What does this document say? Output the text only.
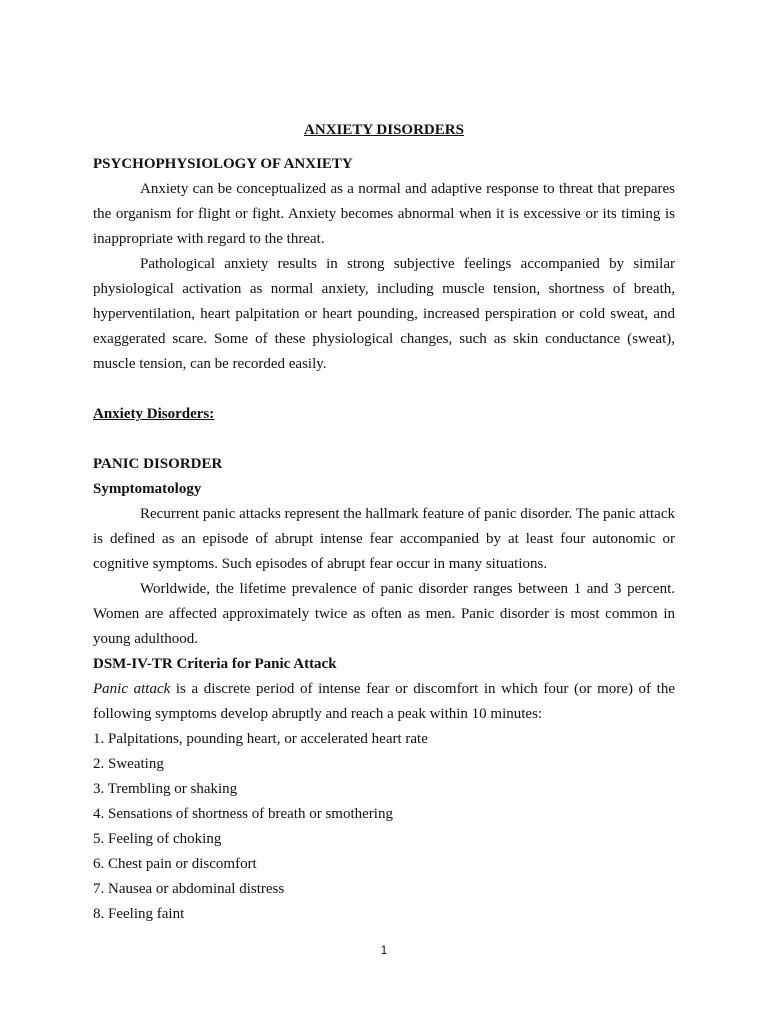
ANXIETY DISORDERS

PSYCHOPHYSIOLOGY OF ANXIETY

Anxiety can be conceptualized as a normal and adaptive response to threat that prepares the organism for flight or fight. Anxiety becomes abnormal when it is excessive or its timing is inappropriate with regard to the threat.

Pathological anxiety results in strong subjective feelings accompanied by similar physiological activation as normal anxiety, including muscle tension, shortness of breath, hyperventilation, heart palpitation or heart pounding, increased perspiration or cold sweat, and exaggerated scare. Some of these physiological changes, such as skin conductance (sweat), muscle tension, can be recorded easily.

Anxiety Disorders:

PANIC DISORDER

Symptomatology

Recurrent panic attacks represent the hallmark feature of panic disorder. The panic attack is defined as an episode of abrupt intense fear accompanied by at least four autonomic or cognitive symptoms. Such episodes of abrupt fear occur in many situations.

Worldwide, the lifetime prevalence of panic disorder ranges between 1 and 3 percent. Women are affected approximately twice as often as men. Panic disorder is most common in young adulthood.

DSM-IV-TR Criteria for Panic Attack

Panic attack is a discrete period of intense fear or discomfort in which four (or more) of the following symptoms develop abruptly and reach a peak within 10 minutes:

1. Palpitations, pounding heart, or accelerated heart rate
2. Sweating
3. Trembling or shaking
4. Sensations of shortness of breath or smothering
5. Feeling of choking
6. Chest pain or discomfort
7. Nausea or abdominal distress
8. Feeling faint
1
